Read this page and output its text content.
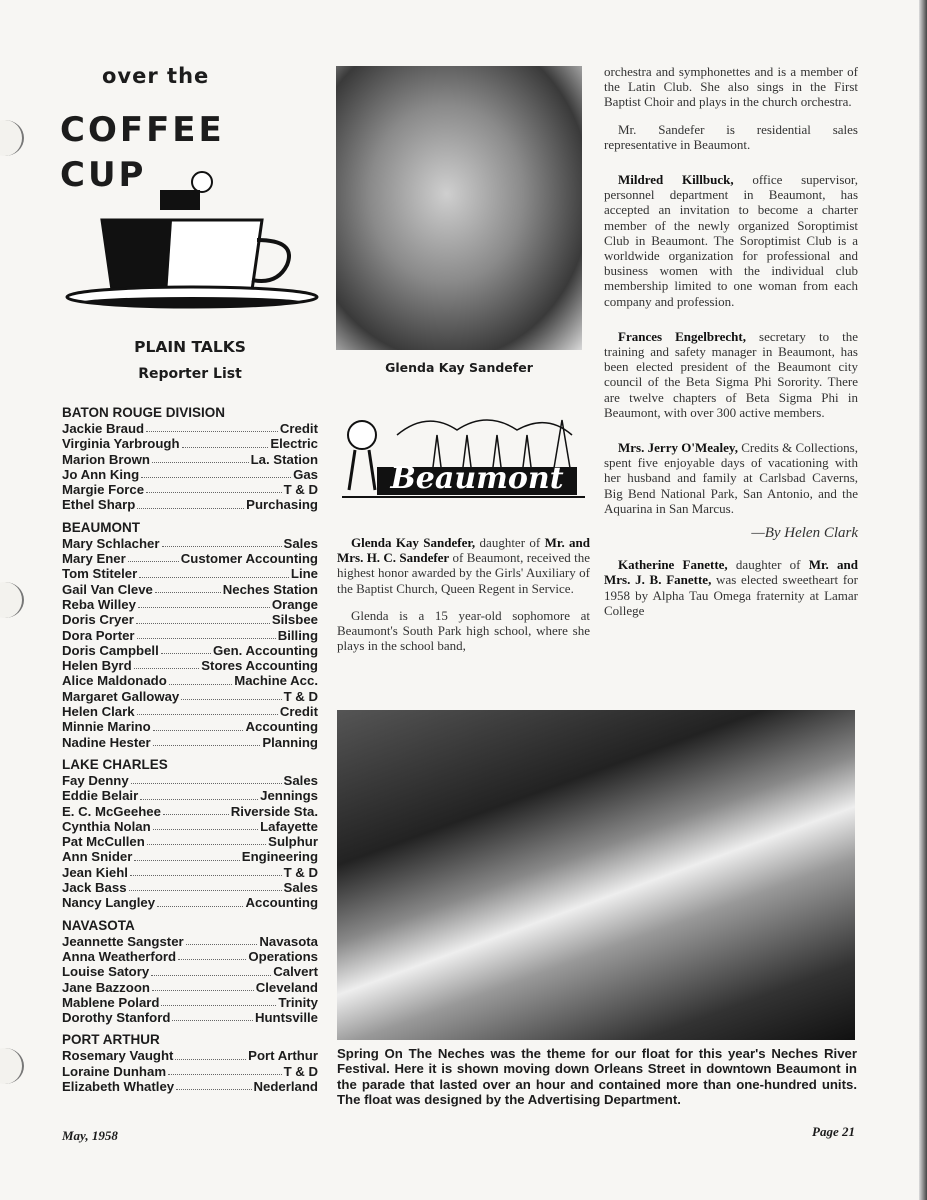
over the
COFFEE
CUP
PLAIN TALKS
Reporter List
BATON ROUGE DIVISION
Jackie Braud	Credit
Virginia Yarbrough	Electric
Marion Brown	La. Station
Jo Ann King	Gas
Margie Force	T & D
Ethel Sharp	Purchasing
BEAUMONT
Mary Schlacher	Sales
Mary Ener	Customer Accounting
Tom Stiteler	Line
Gail Van Cleve	Neches Station
Reba Willey	Orange
Doris Cryer	Silsbee
Dora Porter	Billing
Doris Campbell	Gen. Accounting
Helen Byrd	Stores Accounting
Alice Maldonado	Machine Acc.
Margaret Galloway	T & D
Helen Clark	Credit
Minnie Marino	Accounting
Nadine Hester	Planning
LAKE CHARLES
Fay Denny	Sales
Eddie Belair	Jennings
E. C. McGeehee	Riverside Sta.
Cynthia Nolan	Lafayette
Pat McCullen	Sulphur
Ann Snider	Engineering
Jean Kiehl	T & D
Jack Bass	Sales
Nancy Langley	Accounting
NAVASOTA
Jeannette Sangster	Navasota
Anna Weatherford	Operations
Louise Satory	Calvert
Jane Bazzoon	Cleveland
Mablene Polard	Trinity
Dorothy Stanford	Huntsville
PORT ARTHUR
Rosemary Vaught	Port Arthur
Loraine Dunham	T & D
Elizabeth Whatley	Nederland
Glenda Kay Sandefer
Beaumont

Glenda Kay Sandefer, daughter of Mr. and Mrs. H. C. Sandefer of Beaumont, received the highest honor awarded by the Girls' Auxiliary of the Baptist Church, Queen Regent in Service.

Glenda is a 15 year-old sophomore at Beaumont's South Park high school, where she plays in the school band,

orchestra and symphonettes and is a member of the Latin Club. She also sings in the First Baptist Choir and plays in the church orchestra.

Mr. Sandefer is residential sales representative in Beaumont.

Mildred Killbuck, office supervisor, personnel department in Beaumont, has accepted an invitation to become a charter member of the newly organized Soroptimist Club in Beaumont. The Soroptimist Club is a worldwide organization for professional and business women with the individual club membership limited to one woman from each company and profession.

Frances Engelbrecht, secretary to the training and safety manager in Beaumont, has been elected president of the Beaumont city council of the Beta Sigma Phi Sorority. There are twelve chapters of Beta Sigma Phi in Beaumont, with over 300 active members.

Mrs. Jerry O'Mealey, Credits & Collections, spent five enjoyable days of vacationing with her husband and family at Carlsbad Caverns, Big Bend National Park, San Antonio, and the Aquarina in San Marcus.

—By Helen Clark

Katherine Fanette, daughter of Mr. and Mrs. J. B. Fanette, was elected sweetheart for 1958 by Alpha Tau Omega fraternity at Lamar College

Spring On The Neches was the theme for our float for this year's Neches River Festival. Here it is shown moving down Orleans Street in downtown Beaumont in the parade that lasted over an hour and contained more than one-hundred units. The float was designed by the Advertising Department.
May, 1958	Page 21
